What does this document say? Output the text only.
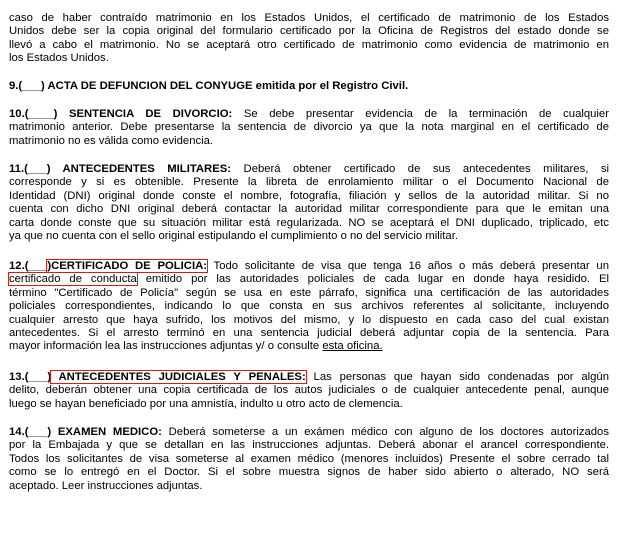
caso de haber contraído matrimonio en los Estados Unidos, el certificado de matrimonio de los Estados
Unidos debe ser la copia original del formulario certificado por la Oficina de Registros del estado donde se
llevó a cabo el matrimonio. No se aceptará otro certificado de matrimonio como evidencia de matrimonio en
los Estados Unidos.
9.(___) ACTA DE DEFUNCION DEL CONYUGE emitida por el Registro Civil.
10.(____) SENTENCIA DE DIVORCIO: Se debe presentar evidencia de la terminación de cualquier
matrimonio anterior. Debe presentarse la sentencia de divorcio ya que la nota marginal en el certificado de
matrimonio no es válida como evidencia.
11.(___) ANTECEDENTES MILITARES: Deberá obtener certificado de sus antecedentes militares, si
corresponde y si es obtenible. Presente la libreta de enrolamiento militar o el Documento Nacional de
Identidad (DNI) original donde conste el nombre, fotografía, filiación y sellos de la autoridad militar. Si no
cuenta con dicho DNI original deberá contactar la autoridad militar correspondiente para que le emitan una
carta donde conste que su situación militar está regularizada. NO se aceptará el DNI duplicado, triplicado, etc
ya que no cuenta con el sello original estipulando el cumplimiento o no del servicio militar.
12.(___)CERTIFICADO DE POLICIA: Todo solicitante de visa que tenga 16 años o más deberá presentar un
certificado de conducta emitido por las autoridades policiales de cada lugar en donde haya residido. El
término "Certificado de Policía" según se usa en este párrafo, significa una certificación de las autoridades
policiales correspondientes, indicando lo que consta en sus archivos referentes al solicitante, incluyendo
cualquier arresto que haya sufrido, los motivos del mismo, y lo dispuesto en cada caso del cual existan
antecedentes. Si el arresto terminó en una sentencia judicial deberá adjuntar copia de la sentencia. Para
mayor información lea las instrucciones adjuntas y/ o consulte esta oficina.
13.(___) ANTECEDENTES JUDICIALES Y PENALES: Las personas que hayan sido condenadas por algún
delito, deberán obtener una copia certificada de los autos judiciales o de cualquier antecedente penal, aunque
luego se hayan beneficiado por una amnistía, indulto u otro acto de clemencia.
14.(___) EXAMEN MEDICO: Deberá someterse a un exámen médico con alguno de los doctores autorizados
por la Embajada y que se detallan en las instrucciones adjuntas. Deberá abonar el arancel correspondiente.
Todos los solicitantes de visa someterse al examen médico (menores incluidos) Presente el sobre cerrado tal
como se lo entregó en el Doctor. Si el sobre muestra signos de haber sido abierto o alterado, NO será
aceptado. Leer instrucciones adjuntas.
